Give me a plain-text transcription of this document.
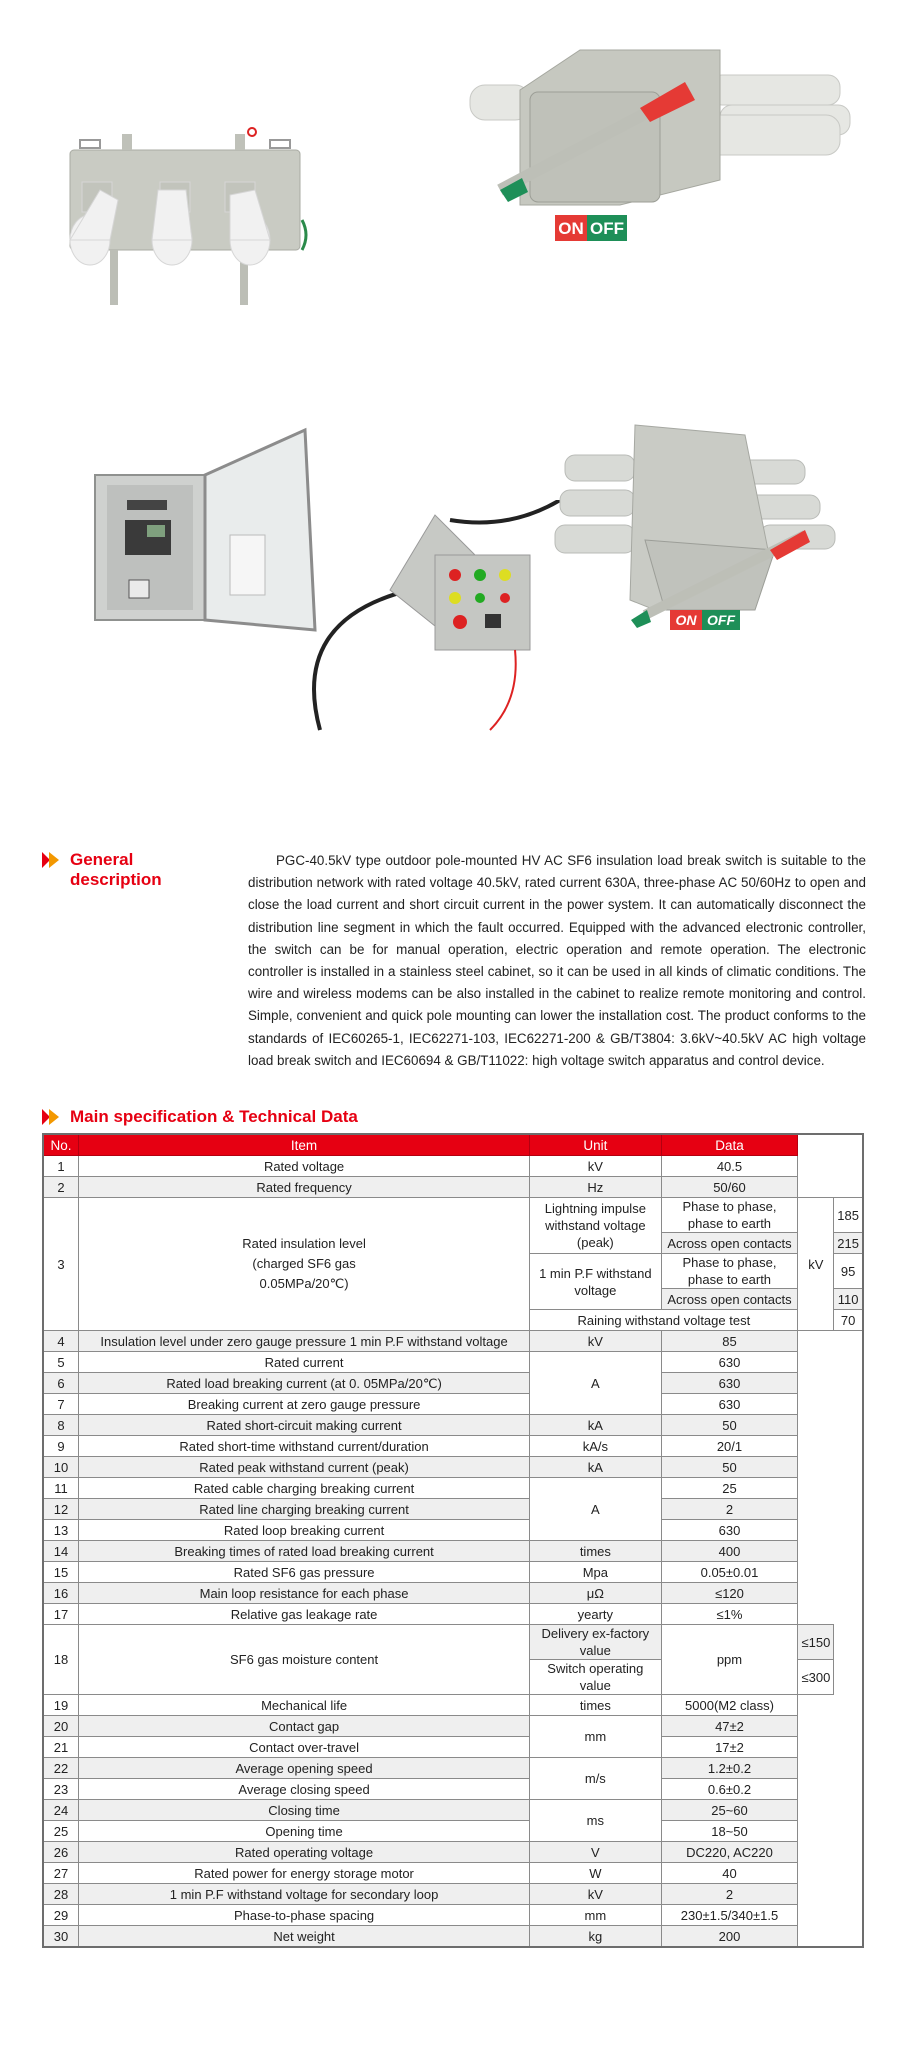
ON OFF
ON OFF
General
description

PGC-40.5kV type outdoor pole-mounted HV AC SF6 insulation load break switch is suitable to the distribution network with rated voltage 40.5kV, rated current 630A, three-phase AC 50/60Hz to open and close the load current and short circuit current in the power system. It can automatically disconnect the distribution line segment in which the fault occurred. Equipped with the advanced electronic controller, the switch can be for manual operation, electric operation and remote operation. The electronic controller is installed in a stainless steel cabinet, so it can be used in all kinds of climatic conditions. The wire and wireless modems can be also installed in the cabinet to realize remote monitoring and control. Simple, convenient and quick pole mounting can lower the installation cost. The product conforms to the standards of IEC60265-1, IEC62271-103, IEC62271-200 & GB/T3804: 3.6kV~40.5kV AC high voltage load break switch and IEC60694 & GB/T11022: high voltage switch apparatus and control device.

Main specification & Technical Data
No.	Item	Unit	Data		
1	Rated voltage	kV	40.5		
2	Rated frequency	Hz	50/60		
3	Rated insulation level
(charged SF6 gas
0.05MPa/20℃)	Lightning impulse withstand voltage (peak)	Phase to phase, phase to earth	kV	185
			Across open contacts		215
		1 min P.F withstand voltage	Phase to phase, phase to earth		95
			Across open contacts		110
		Raining withstand voltage test			70
4	Insulation level under zero gauge pressure 1 min P.F withstand voltage	kV	85		
5	Rated current	A	630		
6	Rated load breaking current (at 0. 05MPa/20℃)		630		
7	Breaking current at zero gauge pressure		630		
8	Rated short-circuit making current	kA	50		
9	Rated short-time withstand current/duration	kA/s	20/1		
10	Rated peak withstand current (peak)	kA	50		
11	Rated cable charging breaking current	A	25		
12	Rated line charging breaking current		2		
13	Rated loop breaking current		630		
14	Breaking times of rated load breaking current	times	400		
15	Rated SF6 gas pressure	Mpa	0.05±0.01		
16	Main loop resistance for each phase	μΩ	≤120		
17	Relative gas leakage rate	yearty	≤1%		
18	SF6 gas moisture content	Delivery ex-factory value	ppm	≤150	
		Switch operating value		≤300	
19	Mechanical life	times	5000(M2 class)		
20	Contact gap	mm	47±2		
21	Contact over-travel		17±2		
22	Average opening speed	m/s	1.2±0.2		
23	Average closing speed		0.6±0.2		
24	Closing time	ms	25~60		
25	Opening time		18~50		
26	Rated operating voltage	V	DC220, AC220		
27	Rated power for energy storage motor	W	40		
28	1 min P.F withstand voltage for secondary loop	kV	2		
29	Phase-to-phase spacing	mm	230±1.5/340±1.5		
30	Net weight	kg	200		
